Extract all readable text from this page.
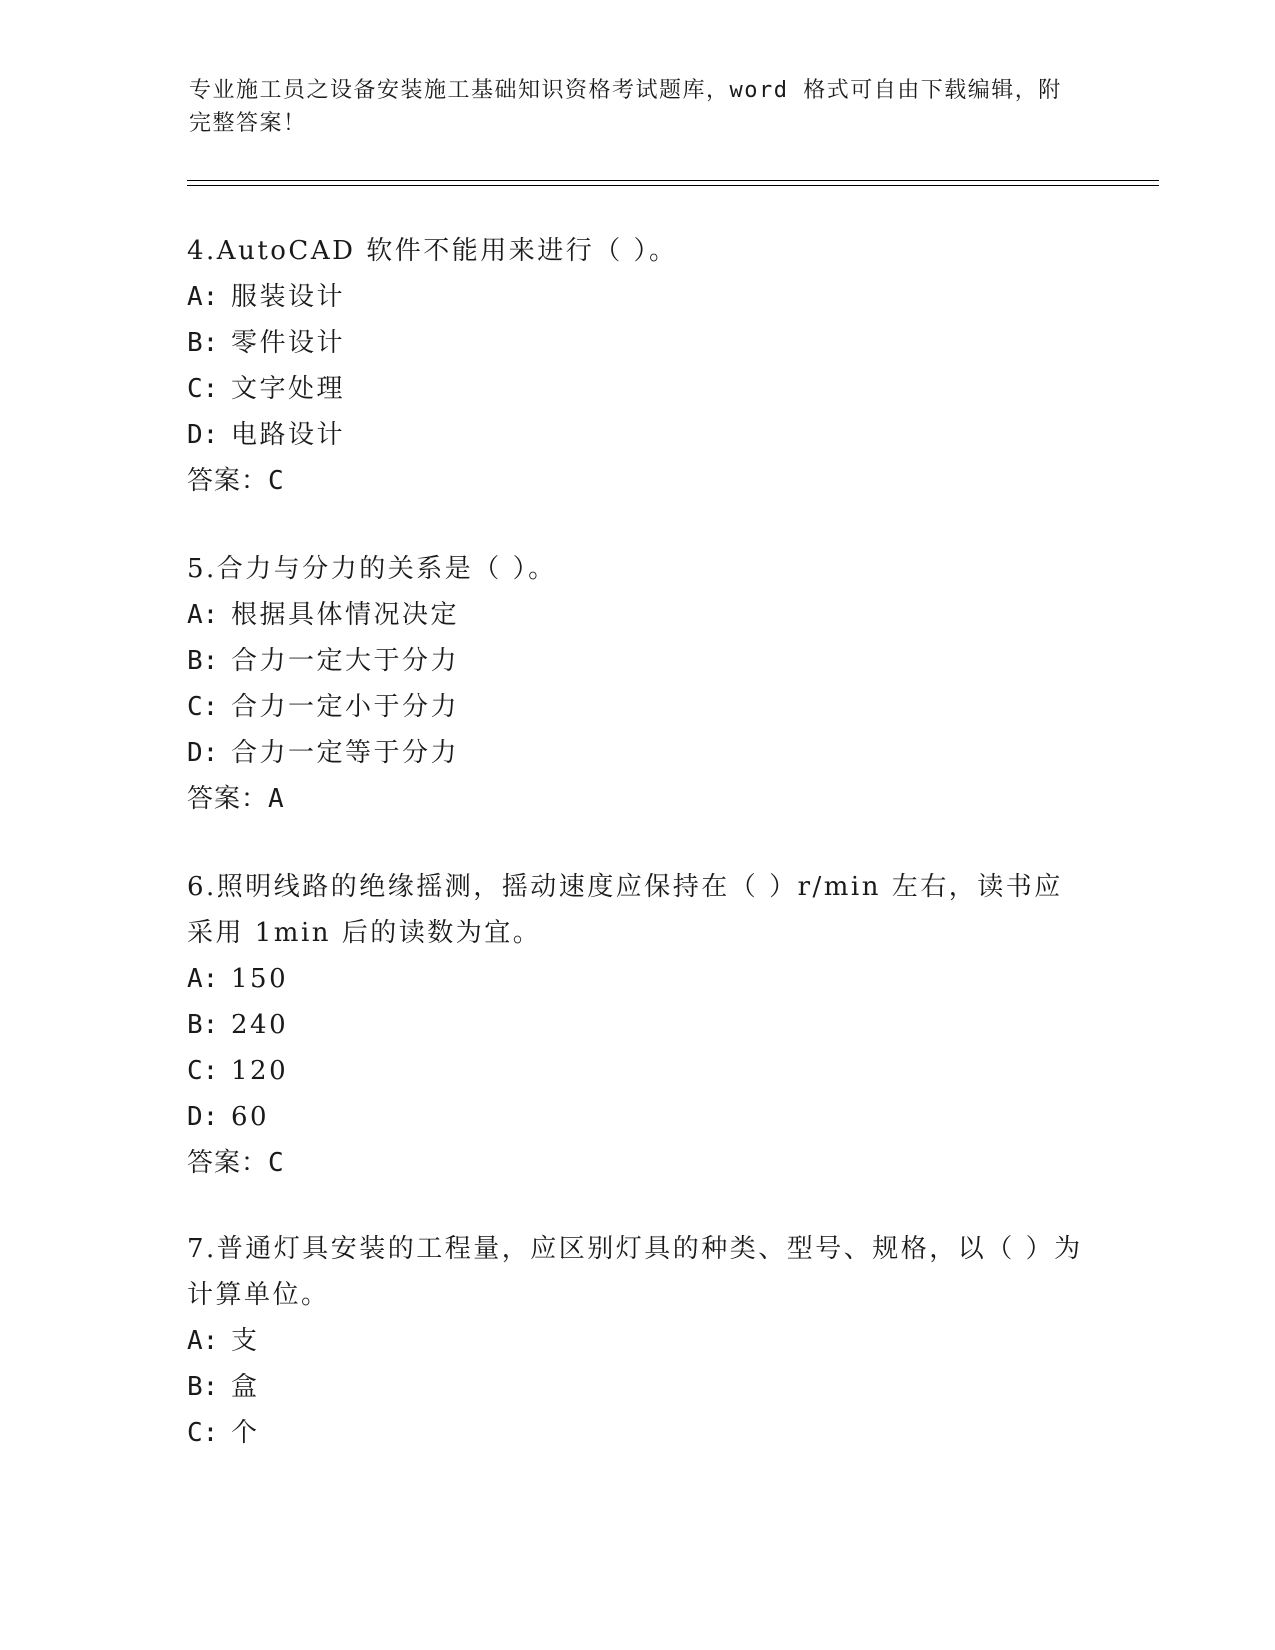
专业施工员之设备安装施工基础知识资格考试题库，word 格式可自由下载编辑，附完整答案！
4.AutoCAD 软件不能用来进行（ ）。
A: 服装设计
B: 零件设计
C: 文字处理
D: 电路设计
答案：C
5.合力与分力的关系是（ ）。
A: 根据具体情况决定
B: 合力一定大于分力
C: 合力一定小于分力
D: 合力一定等于分力
答案：A
6.照明线路的绝缘摇测，摇动速度应保持在（ ）r/min 左右，读书应采用 1min 后的读数为宜。
A: 150
B: 240
C: 120
D: 60
答案：C
7.普通灯具安装的工程量，应区别灯具的种类、型号、规格，以（ ）为计算单位。
A: 支
B: 盒
C: 个
